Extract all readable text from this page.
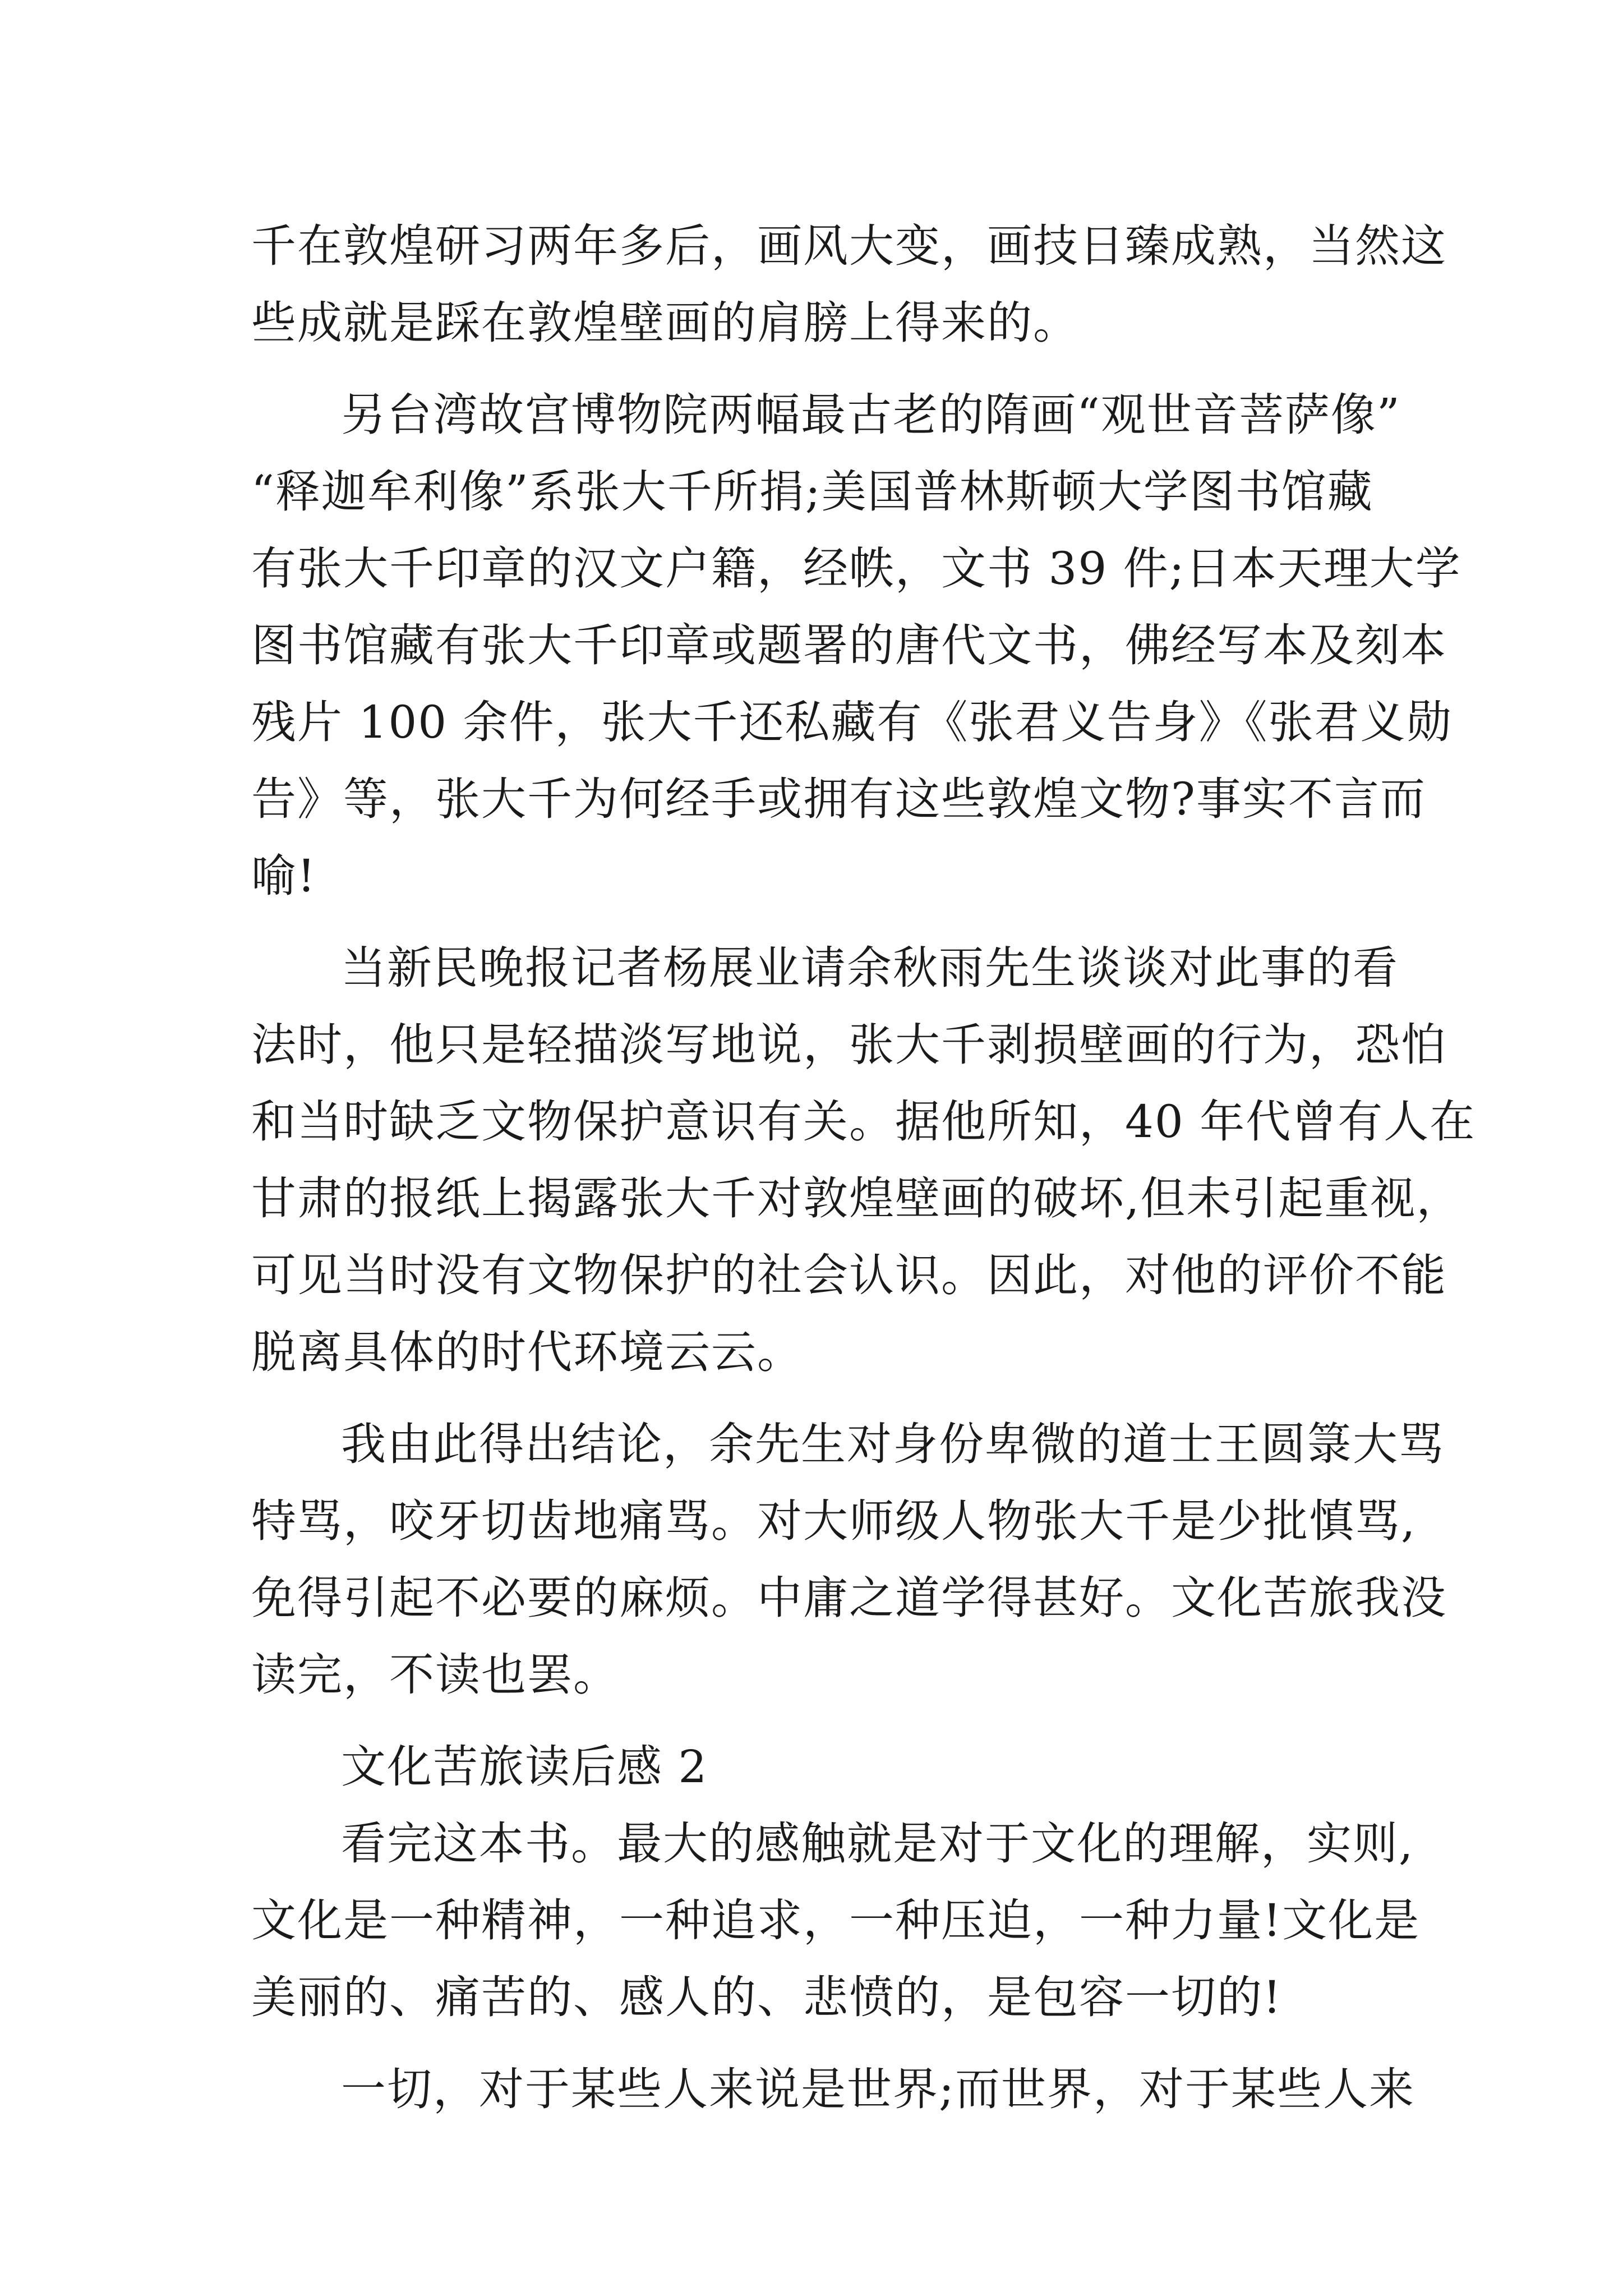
千在敦煌研习两年多后，画风大变，画技日臻成熟，当然这
些成就是踩在敦煌壁画的肩膀上得来的。
另台湾故宫博物院两幅最古老的隋画“观世音菩萨像”
“释迦牟利像”系张大千所捐;美国普林斯顿大学图书馆藏
有张大千印章的汉文户籍，经帙，文书 39 件;日本天理大学
图书馆藏有张大千印章或题署的唐代文书，佛经写本及刻本
残片 100 余件，张大千还私藏有《张君义告身》《张君义勋
告》等，张大千为何经手或拥有这些敦煌文物?事实不言而
喻!
当新民晚报记者杨展业请余秋雨先生谈谈对此事的看
法时，他只是轻描淡写地说，张大千剥损壁画的行为，恐怕
和当时缺乏文物保护意识有关。据他所知，40 年代曾有人在
甘肃的报纸上揭露张大千对敦煌壁画的破坏,但未引起重视，
可见当时没有文物保护的社会认识。因此，对他的评价不能
脱离具体的时代环境云云。
我由此得出结论，余先生对身份卑微的道士王圆箓大骂
特骂，咬牙切齿地痛骂。对大师级人物张大千是少批慎骂,
免得引起不必要的麻烦。中庸之道学得甚好。文化苦旅我没
读完，不读也罢。
文化苦旅读后感 2
看完这本书。最大的感触就是对于文化的理解，实则,
文化是一种精神，一种追求，一种压迫，一种力量!文化是
美丽的、痛苦的、感人的、悲愤的，是包容一切的!
一切，对于某些人来说是世界;而世界，对于某些人来
